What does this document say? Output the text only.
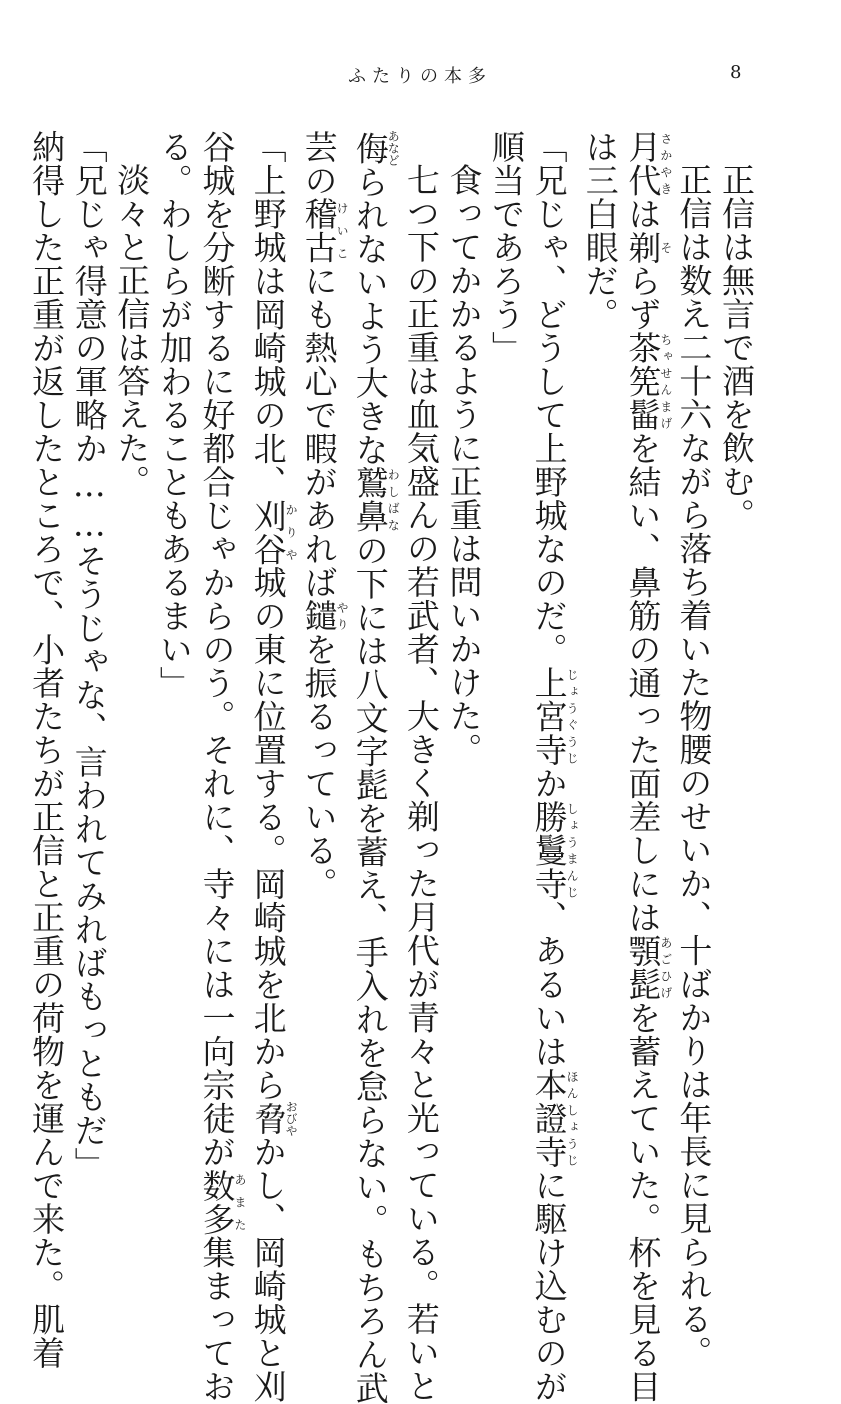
ふたりの本多	8

正信は無言で酒を飲む。

正信は数え二十六ながら落ち着いた物腰のせいか、十ばかりは年長に見られる。

月代さかやきは剃そらず茶筅髷ちゃせんまげを結い、鼻筋の通った面差しには顎髭あごひげを蓄えていた。杯を見る目

は三白眼だ。

「兄じゃ、どうして上野城なのだ。上宮寺じょうぐうじか勝鬘寺しょうまんじ、あるいは本證寺ほんしょうじに駆け込むのが

順当であろう」

食ってかかるように正重は問いかけた。

七つ下の正重は血気盛んの若武者、大きく剃った月代が青々と光っている。若いと

侮あなどられないよう大きな鷲鼻わしばなの下には八文字髭を蓄え、手入れを怠らない。もちろん武

芸の稽古けいこにも熱心で暇があれば鑓やりを振るっている。

「上野城は岡崎城の北、刈谷かりや城の東に位置する。岡崎城を北から脅おびやかし、岡崎城と刈

谷城を分断するに好都合じゃからのう。それに、寺々には一向宗徒が数多あまた集まってお

る。わしらが加わることもあるまい」

淡々と正信は答えた。

「兄じゃ得意の軍略か……そうじゃな、言われてみればもっともだ」

納得した正重が返したところで、小者たちが正信と正重の荷物を運んで来た。肌着
